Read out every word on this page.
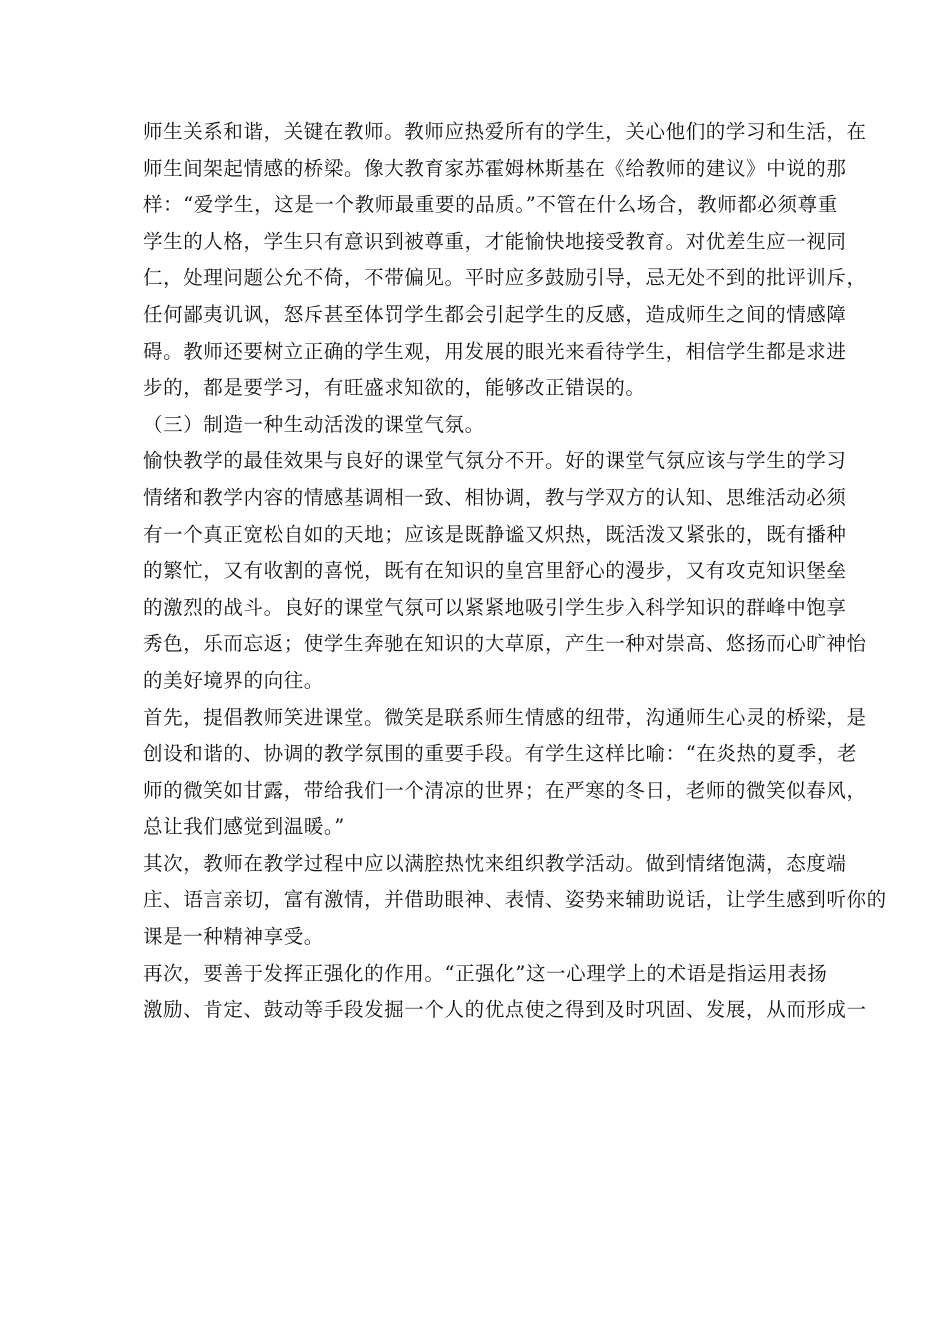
师生关系和谐，关键在教师。教师应热爱所有的学生，关心他们的学习和生活，在
师生间架起情感的桥梁。像大教育家苏霍姆林斯基在《给教师的建议》中说的那
样：“爱学生，这是一个教师最重要的品质。”不管在什么场合，教师都必须尊重
学生的人格，学生只有意识到被尊重，才能愉快地接受教育。对优差生应一视同
仁，处理问题公允不倚，不带偏见。平时应多鼓励引导，忌无处不到的批评训斥，
任何鄙夷讥讽，怒斥甚至体罚学生都会引起学生的反感，造成师生之间的情感障
碍。教师还要树立正确的学生观，用发展的眼光来看待学生，相信学生都是求进
步的，都是要学习，有旺盛求知欲的，能够改正错误的。
（三）制造一种生动活泼的课堂气氛。
愉快教学的最佳效果与良好的课堂气氛分不开。好的课堂气氛应该与学生的学习
情绪和教学内容的情感基调相一致、相协调，教与学双方的认知、思维活动必须
有一个真正宽松自如的天地；应该是既静谧又炽热，既活泼又紧张的，既有播种
的繁忙，又有收割的喜悦，既有在知识的皇宫里舒心的漫步，又有攻克知识堡垒
的激烈的战斗。良好的课堂气氛可以紧紧地吸引学生步入科学知识的群峰中饱享
秀色，乐而忘返；使学生奔驰在知识的大草原，产生一种对崇高、悠扬而心旷神怡
的美好境界的向往。
首先，提倡教师笑进课堂。微笑是联系师生情感的纽带，沟通师生心灵的桥梁，是
创设和谐的、协调的教学氛围的重要手段。有学生这样比喻：“在炎热的夏季，老
师的微笑如甘露，带给我们一个清凉的世界；在严寒的冬日，老师的微笑似春风，
总让我们感觉到温暖。”
其次，教师在教学过程中应以满腔热忱来组织教学活动。做到情绪饱满，态度端
庄、语言亲切，富有激情，并借助眼神、表情、姿势来辅助说话，让学生感到听你的
课是一种精神享受。
再次，要善于发挥正强化的作用。“正强化”这一心理学上的术语是指运用表扬
激励、肯定、鼓动等手段发掘一个人的优点使之得到及时巩固、发展，从而形成一
